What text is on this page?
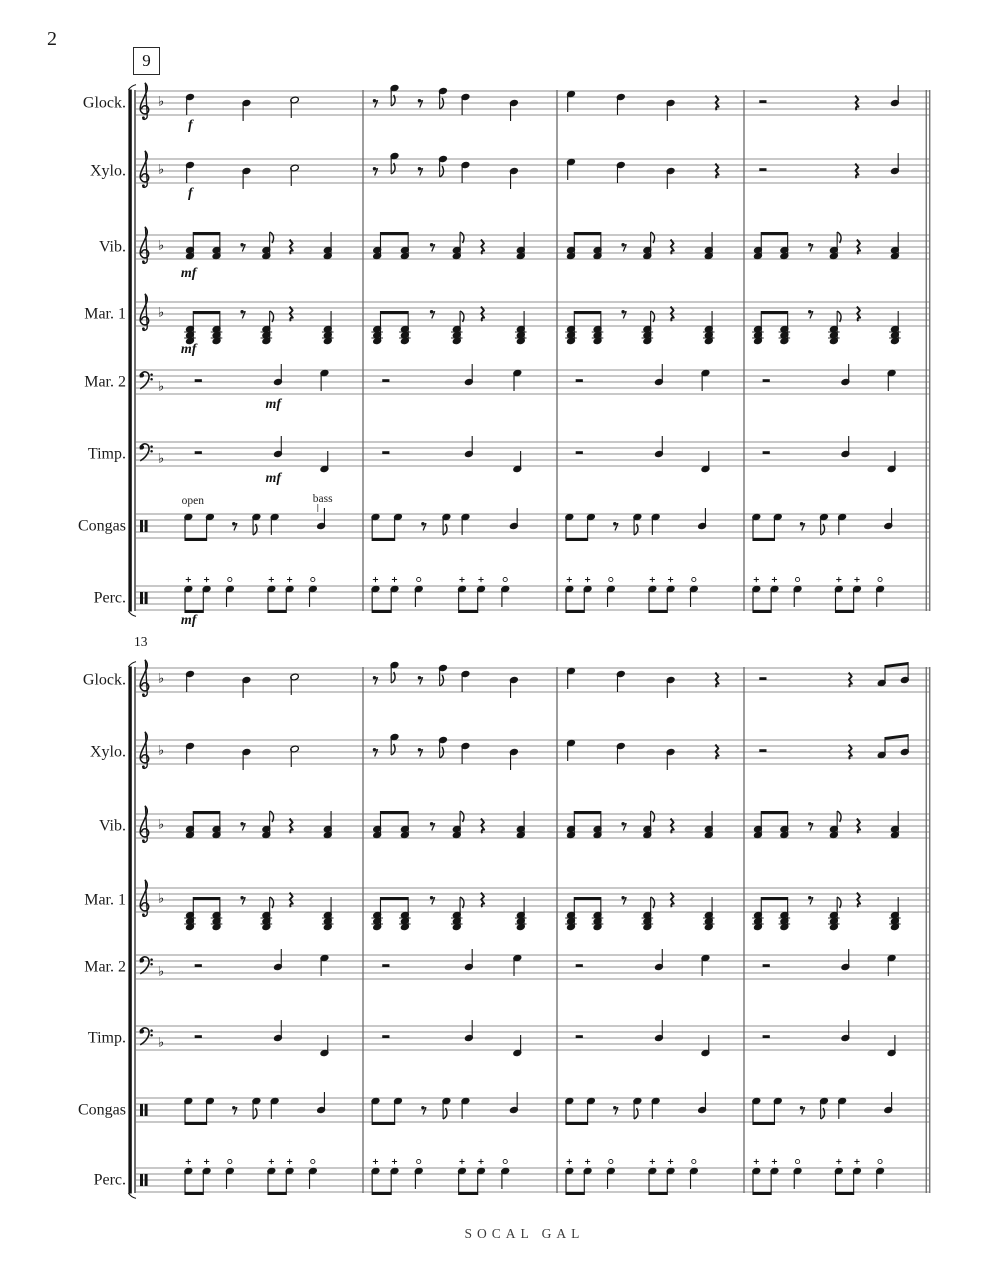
2
9
13
Glock. ♭
f
Xylo. ♭
f
Vib. ♭
mf
Mar. 1 ♭
mf
Mar. 2 ♭
mf
Timp. ♭
mf
Congas
open	bass
Perc.
mf
Glock. ♭
Xylo. ♭
Vib. ♭
Mar. 1 ♭
Mar. 2 ♭
Timp. ♭
Congas
Perc.
SOCAL GAL
